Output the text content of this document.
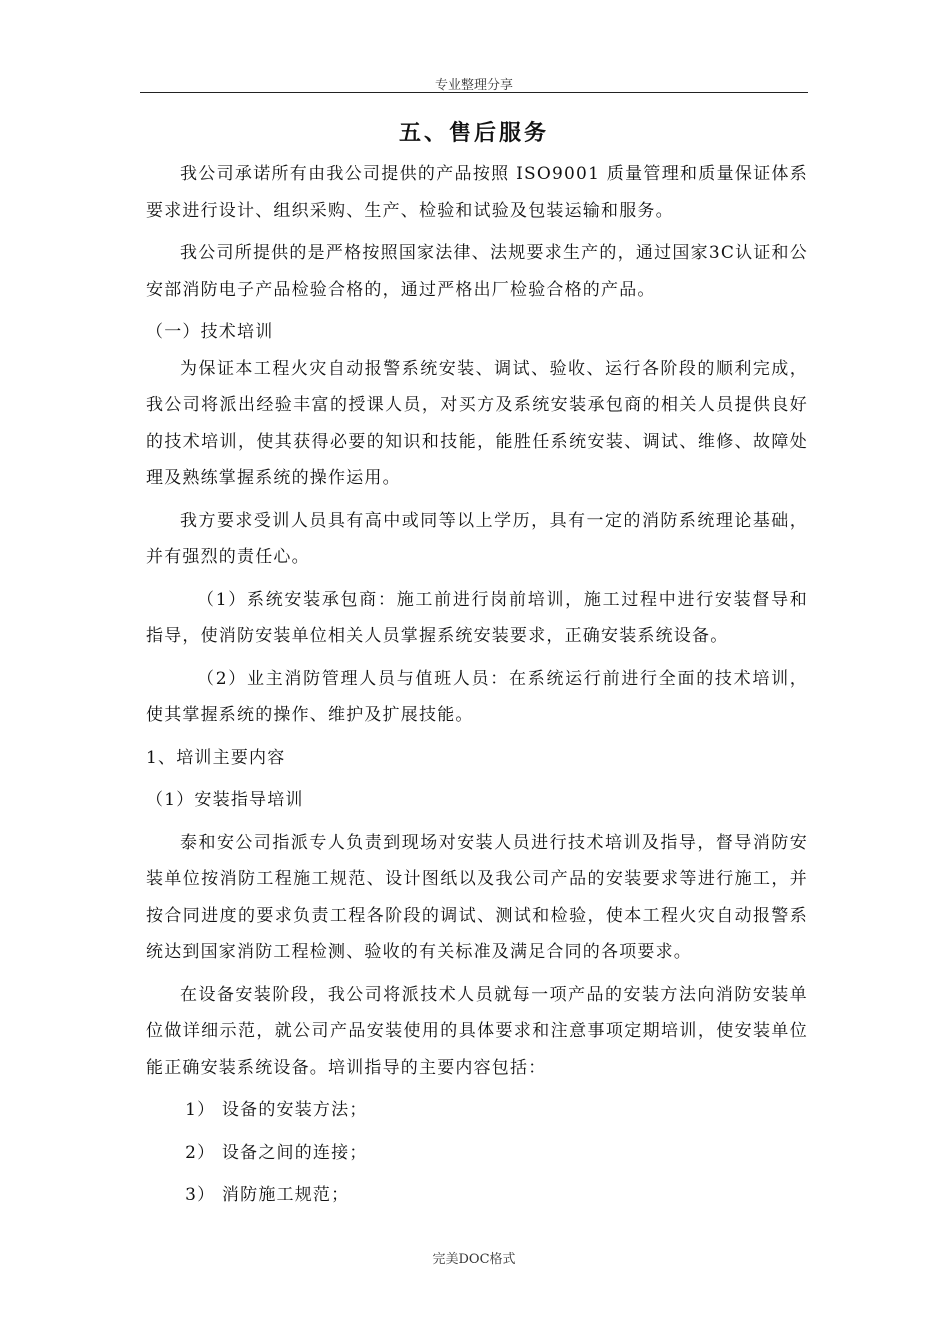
专业整理分享
五、售后服务

我公司承诺所有由我公司提供的产品按照 ISO9001 质量管理和质量保证体系要求进行设计、组织采购、生产、检验和试验及包装运输和服务。

我公司所提供的是严格按照国家法律、法规要求生产的，通过国家3C认证和公安部消防电子产品检验合格的，通过严格出厂检验合格的产品。

（一）技术培训

为保证本工程火灾自动报警系统安装、调试、验收、运行各阶段的顺利完成，我公司将派出经验丰富的授课人员，对买方及系统安装承包商的相关人员提供良好的技术培训，使其获得必要的知识和技能，能胜任系统安装、调试、维修、故障处理及熟练掌握系统的操作运用。

我方要求受训人员具有高中或同等以上学历，具有一定的消防系统理论基础，并有强烈的责任心。

（1）系统安装承包商：施工前进行岗前培训，施工过程中进行安装督导和指导，使消防安装单位相关人员掌握系统安装要求，正确安装系统设备。

（2）业主消防管理人员与值班人员：在系统运行前进行全面的技术培训，使其掌握系统的操作、维护及扩展技能。

1、培训主要内容

（1）安装指导培训

泰和安公司指派专人负责到现场对安装人员进行技术培训及指导，督导消防安装单位按消防工程施工规范、设计图纸以及我公司产品的安装要求等进行施工，并按合同进度的要求负责工程各阶段的调试、测试和检验，使本工程火灾自动报警系统达到国家消防工程检测、验收的有关标准及满足合同的各项要求。

在设备安装阶段，我公司将派技术人员就每一项产品的安装方法向消防安装单位做详细示范，就公司产品安装使用的具体要求和注意事项定期培训，使安装单位能正确安装系统设备。培训指导的主要内容包括：

1） 设备的安装方法；

2） 设备之间的连接；

3） 消防施工规范；

完美DOC格式
